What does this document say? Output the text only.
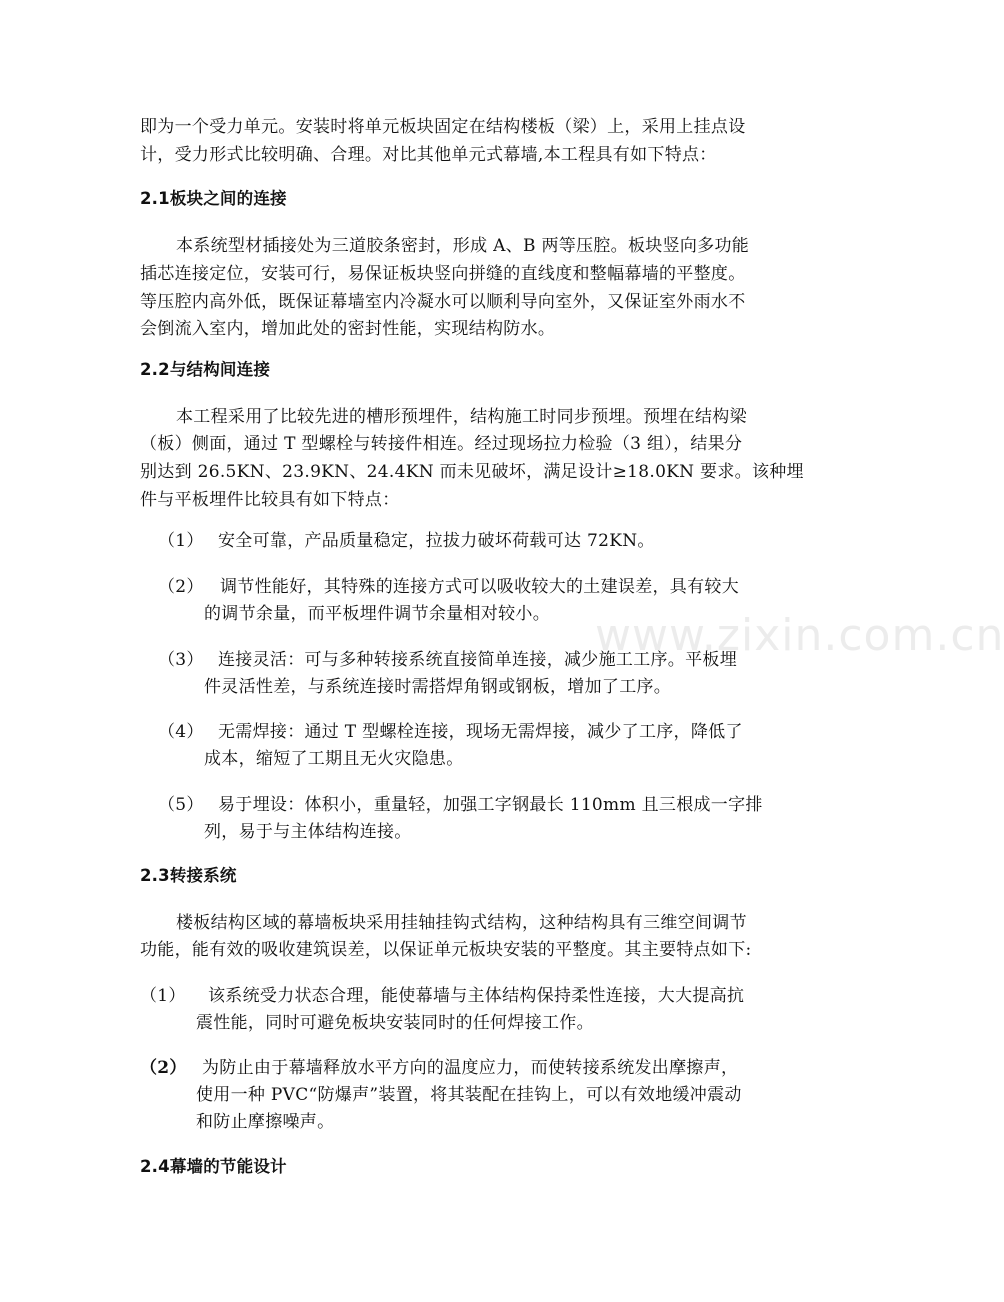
www.zixin.com.cn
即为一个受力单元。安装时将单元板块固定在结构楼板（梁）上，采用上挂点设
计，受力形式比较明确、合理。对比其他单元式幕墙,本工程具有如下特点：
2.1板块之间的连接
本系统型材插接处为三道胶条密封，形成 A、B 两等压腔。板块竖向多功能
插芯连接定位，安装可行，易保证板块竖向拼缝的直线度和整幅幕墙的平整度。
等压腔内高外低，既保证幕墙室内冷凝水可以顺利导向室外，又保证室外雨水不
会倒流入室内，增加此处的密封性能，实现结构防水。
2.2与结构间连接
本工程采用了比较先进的槽形预埋件，结构施工时同步预埋。预埋在结构梁
（板）侧面，通过 T 型螺栓与转接件相连。经过现场拉力检验（3 组），结果分
别达到 26.5KN、23.9KN、24.4KN 而未见破坏，满足设计≥18.0KN 要求。该种埋
件与平板埋件比较具有如下特点：
（1） 安全可靠，产品质量稳定，拉拔力破坏荷载可达 72KN。
（2） 调节性能好，其特殊的连接方式可以吸收较大的土建误差，具有较大
的调节余量，而平板埋件调节余量相对较小。
（3） 连接灵活：可与多种转接系统直接简单连接，减少施工工序。平板埋
件灵活性差，与系统连接时需搭焊角钢或钢板，增加了工序。
（4） 无需焊接：通过 T 型螺栓连接，现场无需焊接，减少了工序，降低了
成本，缩短了工期且无火灾隐患。
（5） 易于埋设：体积小，重量轻，加强工字钢最长 110mm 且三根成一字排
列，易于与主体结构连接。
2.3转接系统
楼板结构区域的幕墙板块采用挂轴挂钩式结构，这种结构具有三维空间调节
功能，能有效的吸收建筑误差，以保证单元板块安装的平整度。其主要特点如下:
（1） 该系统受力状态合理，能使幕墙与主体结构保持柔性连接，大大提高抗
震性能，同时可避免板块安装同时的任何焊接工作。
（2） 为防止由于幕墙释放水平方向的温度应力，而使转接系统发出摩擦声，
使用一种 PVC“防爆声”装置，将其装配在挂钩上，可以有效地缓冲震动
和防止摩擦噪声。
2.4幕墙的节能设计
